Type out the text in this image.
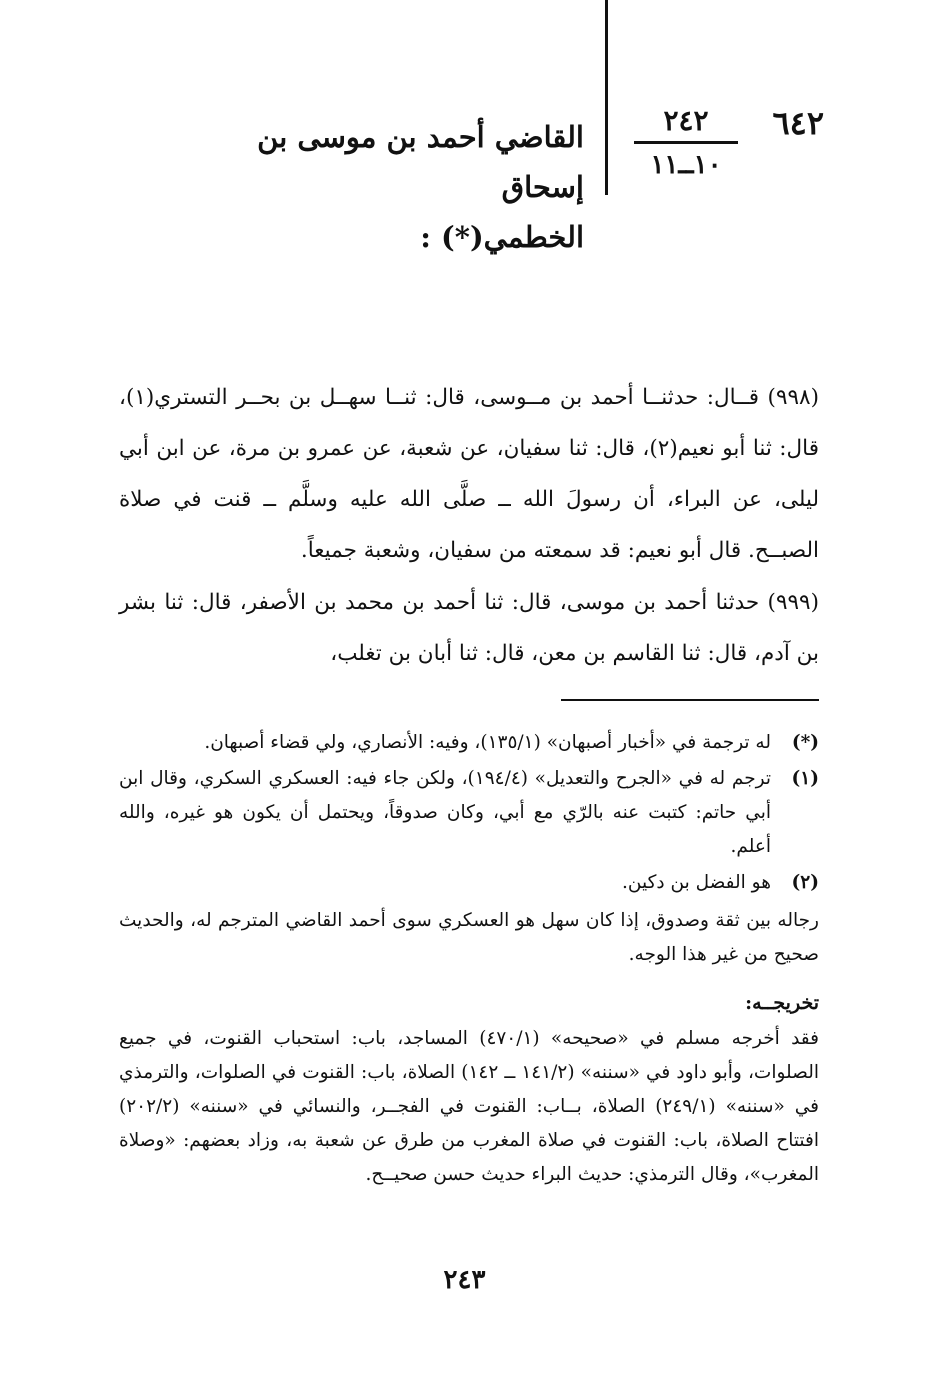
٦٤٢
٢٤٢
١٠ــ١١
القاضي أحمد بن موسى بن إسحاق
الخطمي(*) :
(٩٩٨) قــال: حدثنــا أحمد بن مــوسى، قال: ثنــا سهــل بن بحــر التستري(١)، قال: ثنا أبو نعيم(٢)، قال: ثنا سفيان، عن شعبة، عن عمرو بن مرة، عن ابن أبي ليلى، عن البراء، أن رسولَ الله ــ صلَّى الله عليه وسلَّم ــ قنت في صلاة الصبــح. قال أبو نعيم: قد سمعته من سفيان، وشعبة جميعاً.
(٩٩٩) حدثنا أحمد بن موسى، قال: ثنا أحمد بن محمد بن الأصفر، قال: ثنا بشر بن آدم، قال: ثنا القاسم بن معن، قال: ثنا أبان بن تغلب،
(*)
له ترجمة في «أخبار أصبهان» (١٣٥/١)، وفيه: الأنصاري، ولي قضاء أصبهان.
(١)
ترجم له في «الجرح والتعديل» (١٩٤/٤)، ولكن جاء فيه: العسكري السكري، وقال ابن أبي حاتم: كتبت عنه بالرّي مع أبي، وكان صدوقاً، ويحتمل أن يكون هو غيره، والله أعلم.
(٢)
هو الفضل بن دكين.
رجاله بين ثقة وصدوق، إذا كان سهل هو العسكري سوى أحمد القاضي المترجم له، والحديث صحيح من غير هذا الوجه.
تخريجــه:
فقد أخرجه مسلم في «صحيحه» (٤٧٠/١) المساجد، باب: استحباب القنوت، في جميع الصلوات، وأبو داود في «سننه» (١٤١/٢ ــ ١٤٢) الصلاة، باب: القنوت في الصلوات، والترمذي في «سننه» (٢٤٩/١) الصلاة، بــاب: القنوت في الفجــر، والنسائي في «سننه» (٢٠٢/٢) افتتاح الصلاة، باب: القنوت في صلاة المغرب من طرق عن شعبة به، وزاد بعضهم: «وصلاة المغرب»، وقال الترمذي: حديث البراء حديث حسن صحيــح.
٢٤٣
